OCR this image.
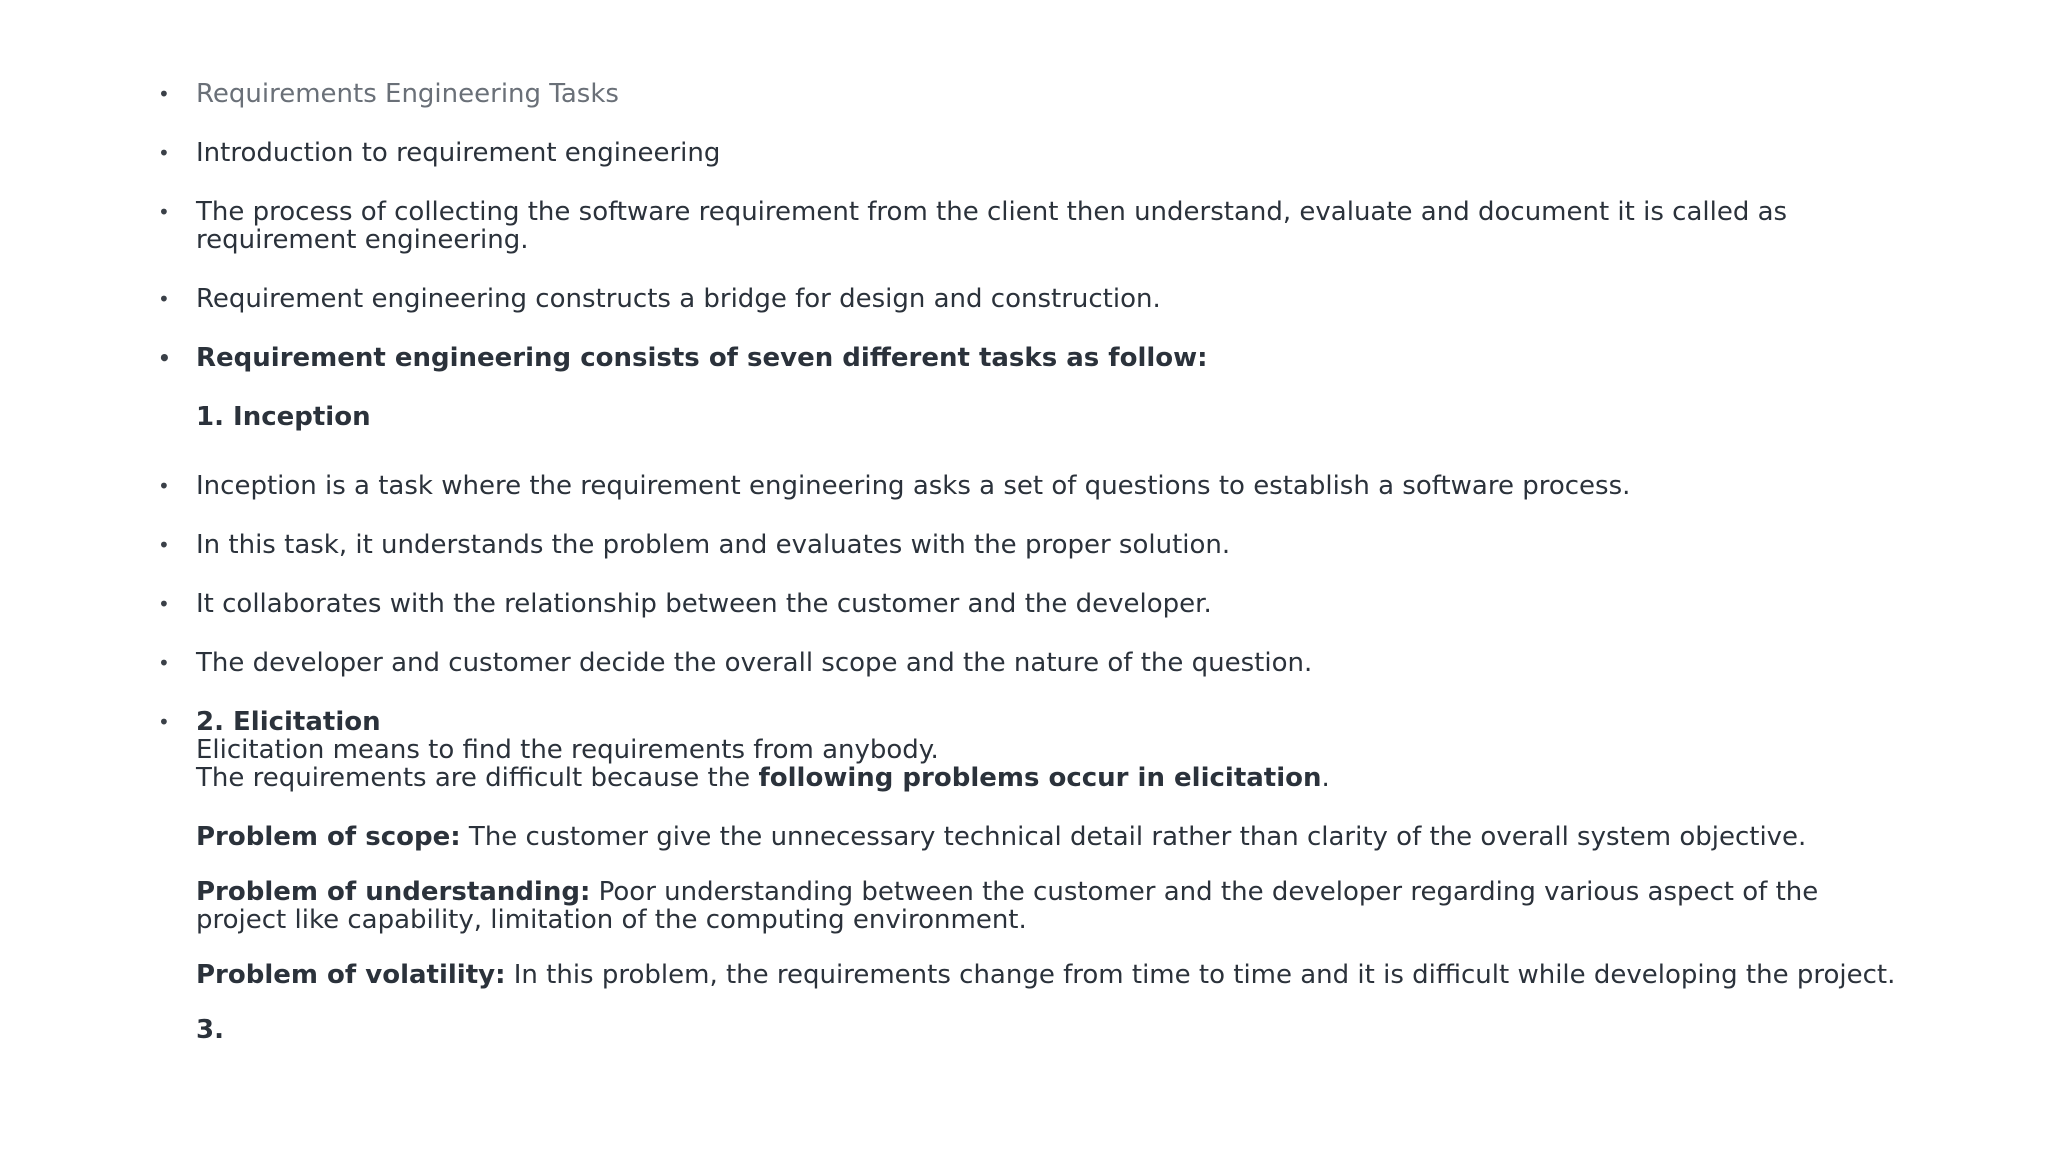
• Requirements Engineering Tasks
• Introduction to requirement engineering
• The process of collecting the software requirement from the client then understand, evaluate and document it is called as requirement engineering.
• Requirement engineering constructs a bridge for design and construction.
• Requirement engineering consists of seven different tasks as follow:
1. Inception
• Inception is a task where the requirement engineering asks a set of questions to establish a software process.
• In this task, it understands the problem and evaluates with the proper solution.
• It collaborates with the relationship between the customer and the developer.
• The developer and customer decide the overall scope and the nature of the question.
• 2. Elicitation
Elicitation means to find the requirements from anybody.
The requirements are difficult because the following problems occur in elicitation.
Problem of scope: The customer give the unnecessary technical detail rather than clarity of the overall system objective.
Problem of understanding: Poor understanding between the customer and the developer regarding various aspect of the project like capability, limitation of the computing environment.
Problem of volatility: In this problem, the requirements change from time to time and it is difficult while developing the project.
3.
